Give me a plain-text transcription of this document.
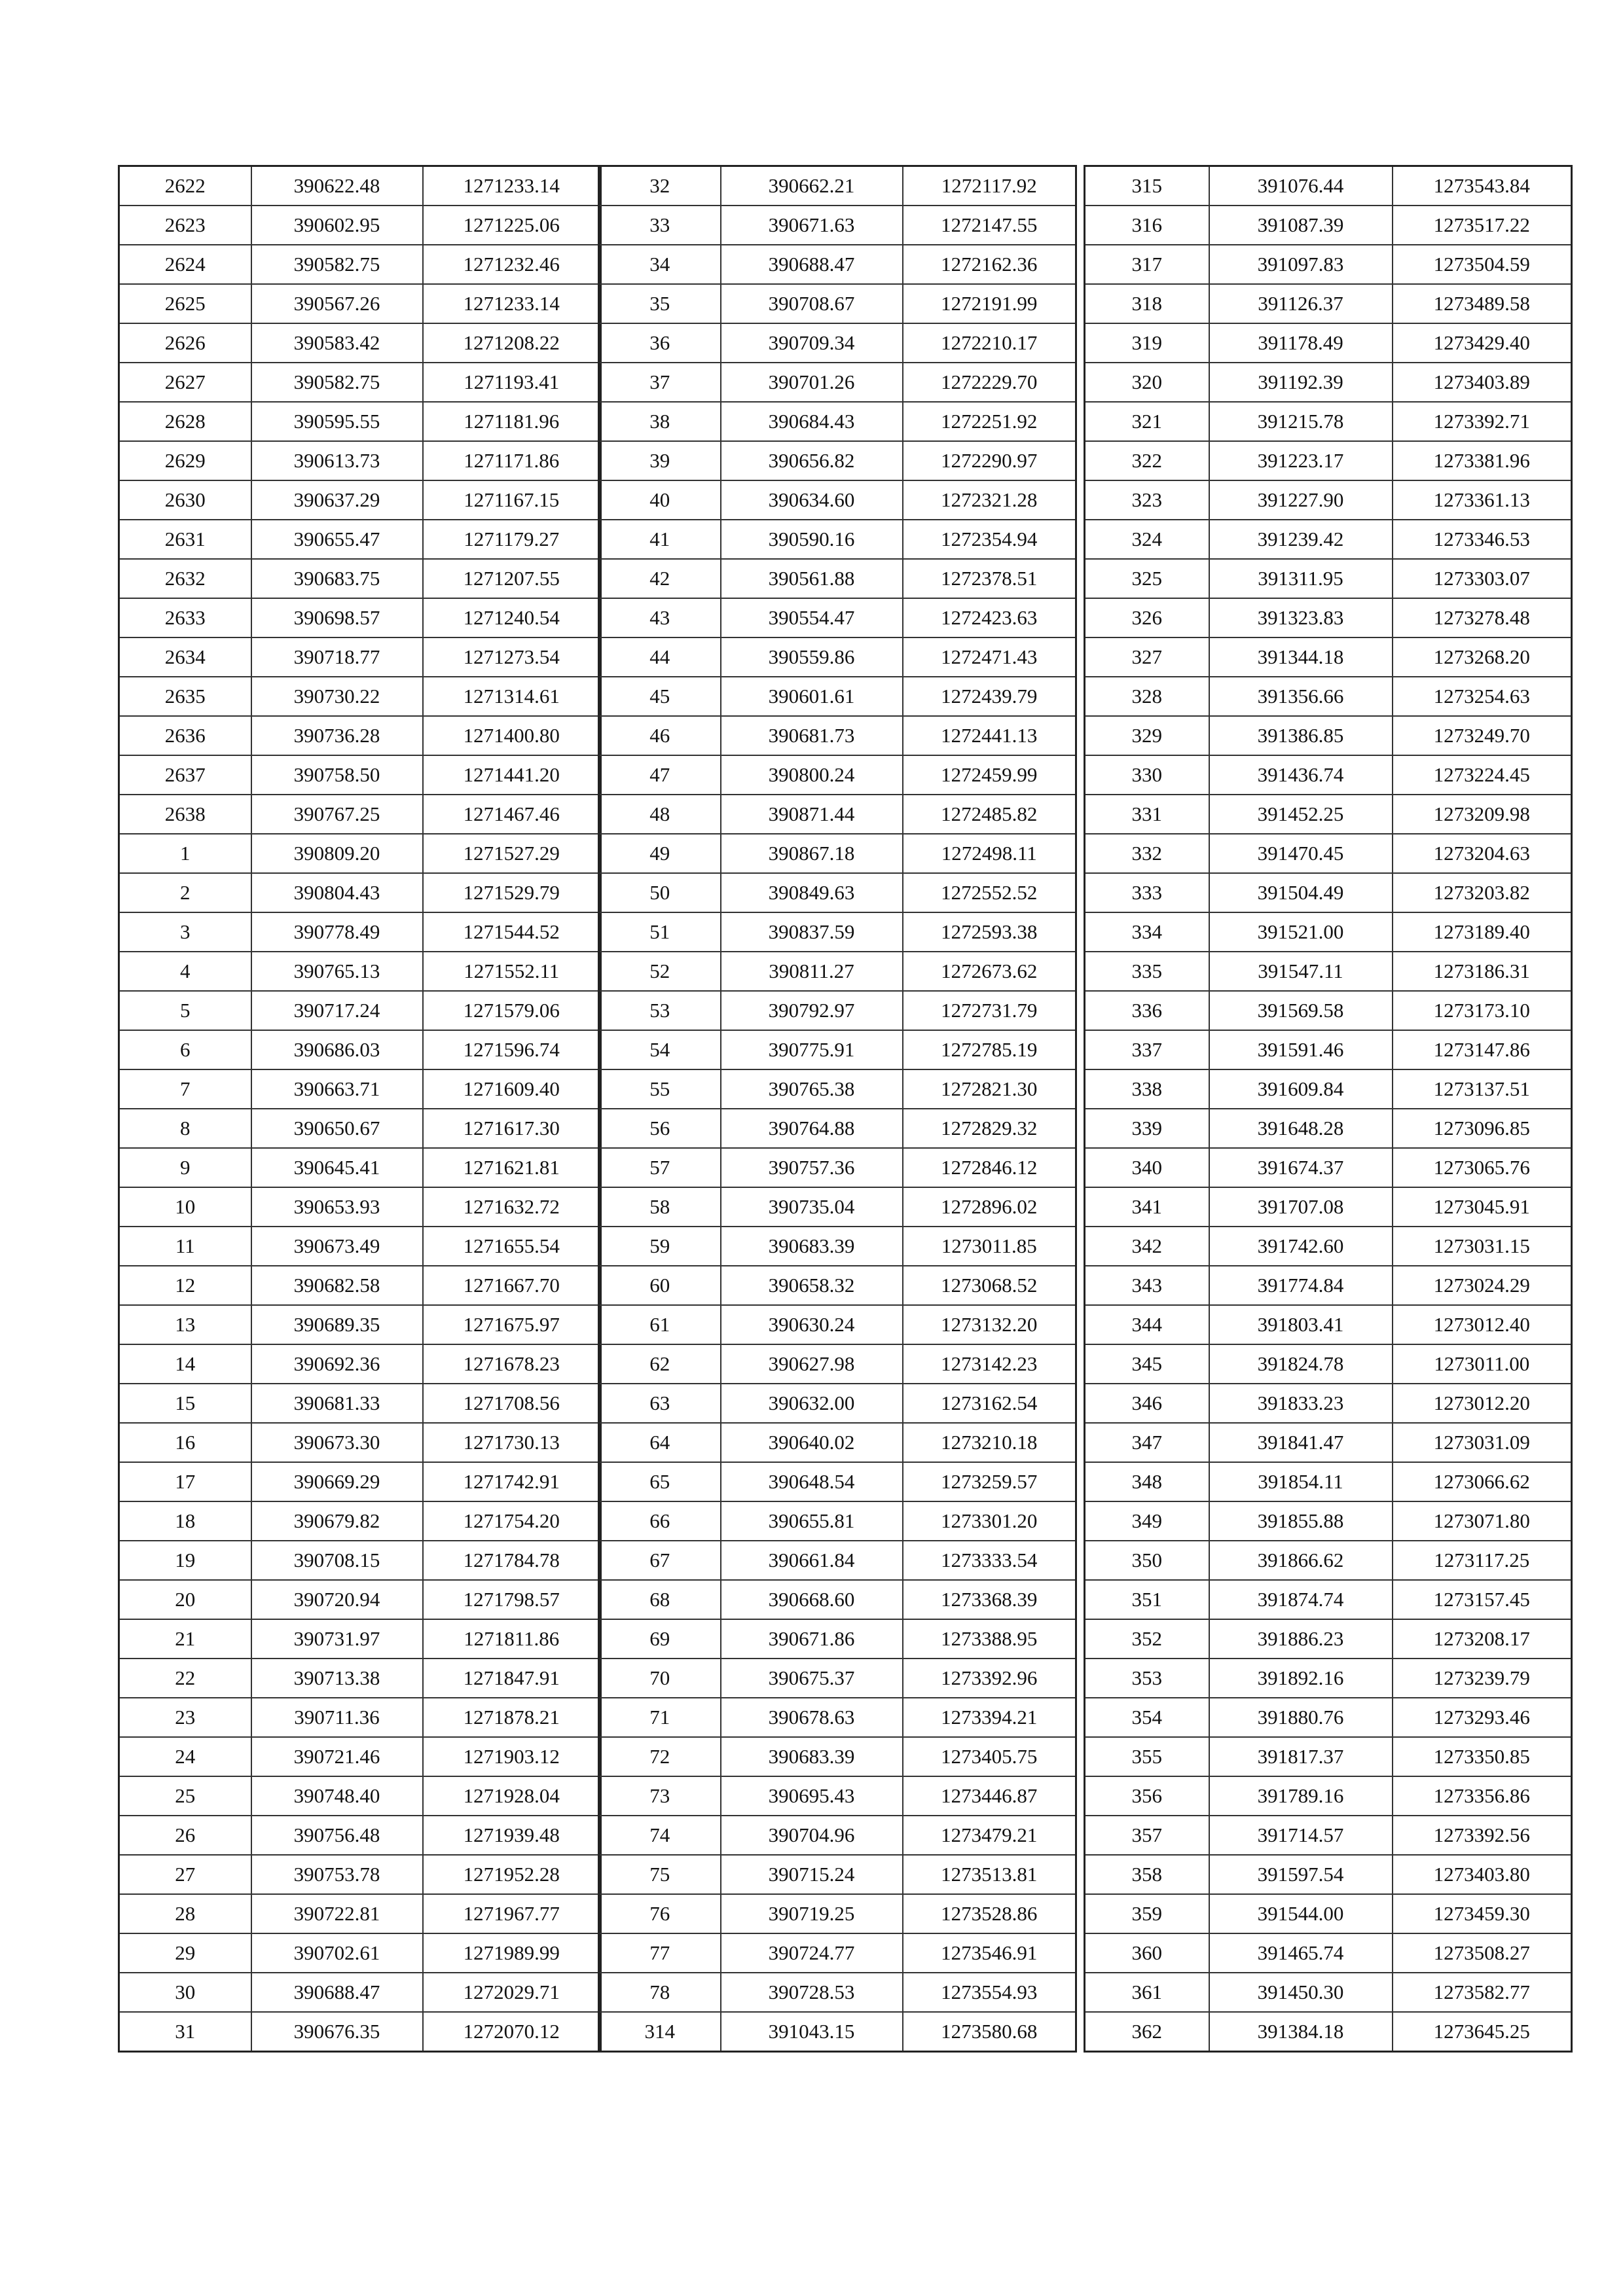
2622	390622.48	1271233.14
2623	390602.95	1271225.06
2624	390582.75	1271232.46
2625	390567.26	1271233.14
2626	390583.42	1271208.22
2627	390582.75	1271193.41
2628	390595.55	1271181.96
2629	390613.73	1271171.86
2630	390637.29	1271167.15
2631	390655.47	1271179.27
2632	390683.75	1271207.55
2633	390698.57	1271240.54
2634	390718.77	1271273.54
2635	390730.22	1271314.61
2636	390736.28	1271400.80
2637	390758.50	1271441.20
2638	390767.25	1271467.46
1	390809.20	1271527.29
2	390804.43	1271529.79
3	390778.49	1271544.52
4	390765.13	1271552.11
5	390717.24	1271579.06
6	390686.03	1271596.74
7	390663.71	1271609.40
8	390650.67	1271617.30
9	390645.41	1271621.81
10	390653.93	1271632.72
11	390673.49	1271655.54
12	390682.58	1271667.70
13	390689.35	1271675.97
14	390692.36	1271678.23
15	390681.33	1271708.56
16	390673.30	1271730.13
17	390669.29	1271742.91
18	390679.82	1271754.20
19	390708.15	1271784.78
20	390720.94	1271798.57
21	390731.97	1271811.86
22	390713.38	1271847.91
23	390711.36	1271878.21
24	390721.46	1271903.12
25	390748.40	1271928.04
26	390756.48	1271939.48
27	390753.78	1271952.28
28	390722.81	1271967.77
29	390702.61	1271989.99
30	390688.47	1272029.71
31	390676.35	1272070.12
32	390662.21	1272117.92
33	390671.63	1272147.55
34	390688.47	1272162.36
35	390708.67	1272191.99
36	390709.34	1272210.17
37	390701.26	1272229.70
38	390684.43	1272251.92
39	390656.82	1272290.97
40	390634.60	1272321.28
41	390590.16	1272354.94
42	390561.88	1272378.51
43	390554.47	1272423.63
44	390559.86	1272471.43
45	390601.61	1272439.79
46	390681.73	1272441.13
47	390800.24	1272459.99
48	390871.44	1272485.82
49	390867.18	1272498.11
50	390849.63	1272552.52
51	390837.59	1272593.38
52	390811.27	1272673.62
53	390792.97	1272731.79
54	390775.91	1272785.19
55	390765.38	1272821.30
56	390764.88	1272829.32
57	390757.36	1272846.12
58	390735.04	1272896.02
59	390683.39	1273011.85
60	390658.32	1273068.52
61	390630.24	1273132.20
62	390627.98	1273142.23
63	390632.00	1273162.54
64	390640.02	1273210.18
65	390648.54	1273259.57
66	390655.81	1273301.20
67	390661.84	1273333.54
68	390668.60	1273368.39
69	390671.86	1273388.95
70	390675.37	1273392.96
71	390678.63	1273394.21
72	390683.39	1273405.75
73	390695.43	1273446.87
74	390704.96	1273479.21
75	390715.24	1273513.81
76	390719.25	1273528.86
77	390724.77	1273546.91
78	390728.53	1273554.93
314	391043.15	1273580.68
315	391076.44	1273543.84
316	391087.39	1273517.22
317	391097.83	1273504.59
318	391126.37	1273489.58
319	391178.49	1273429.40
320	391192.39	1273403.89
321	391215.78	1273392.71
322	391223.17	1273381.96
323	391227.90	1273361.13
324	391239.42	1273346.53
325	391311.95	1273303.07
326	391323.83	1273278.48
327	391344.18	1273268.20
328	391356.66	1273254.63
329	391386.85	1273249.70
330	391436.74	1273224.45
331	391452.25	1273209.98
332	391470.45	1273204.63
333	391504.49	1273203.82
334	391521.00	1273189.40
335	391547.11	1273186.31
336	391569.58	1273173.10
337	391591.46	1273147.86
338	391609.84	1273137.51
339	391648.28	1273096.85
340	391674.37	1273065.76
341	391707.08	1273045.91
342	391742.60	1273031.15
343	391774.84	1273024.29
344	391803.41	1273012.40
345	391824.78	1273011.00
346	391833.23	1273012.20
347	391841.47	1273031.09
348	391854.11	1273066.62
349	391855.88	1273071.80
350	391866.62	1273117.25
351	391874.74	1273157.45
352	391886.23	1273208.17
353	391892.16	1273239.79
354	391880.76	1273293.46
355	391817.37	1273350.85
356	391789.16	1273356.86
357	391714.57	1273392.56
358	391597.54	1273403.80
359	391544.00	1273459.30
360	391465.74	1273508.27
361	391450.30	1273582.77
362	391384.18	1273645.25
